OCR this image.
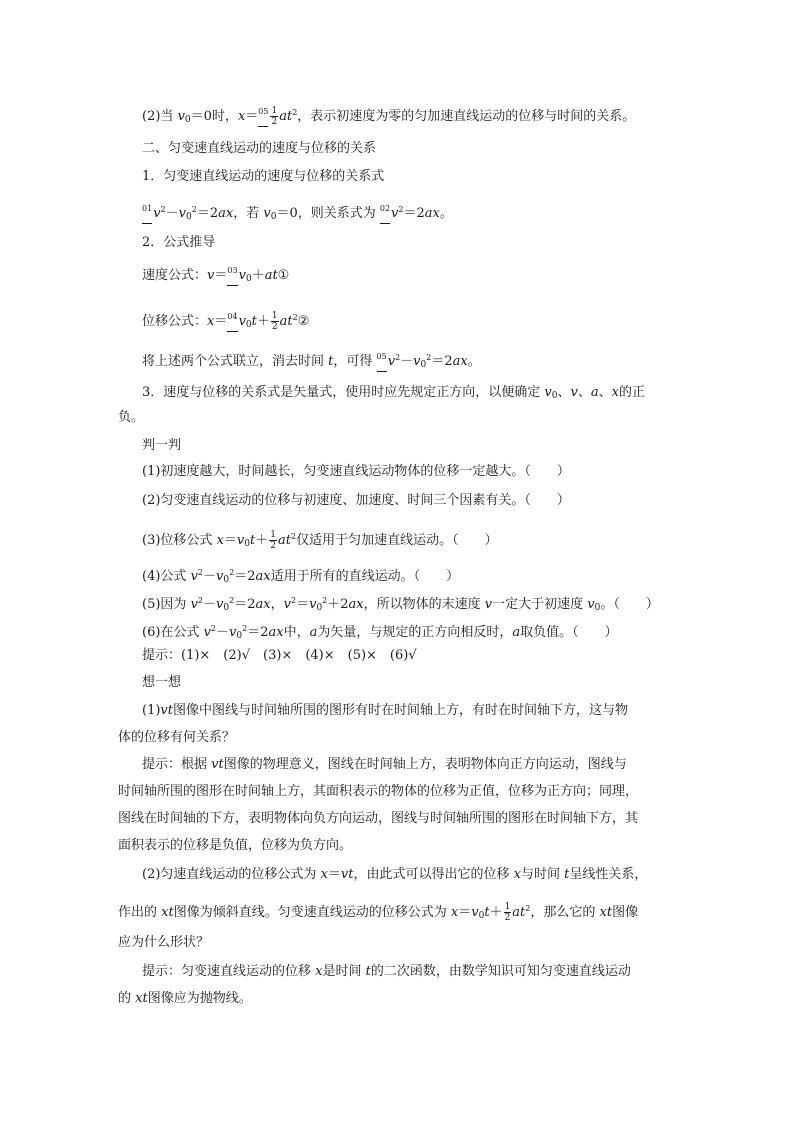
(2)当 $v_0=0$时，$x=05 \frac{1}{2} at^2$，表示初速度为零的匀加速直线运动的位移与时间的关系。
二、匀变速直线运动的速度与位移的关系
1．匀变速直线运动的速度与位移的关系式
$01v^2-v_0^2=2ax$，若 $v_0=0$，则关系式为 $02v^2=2ax$。
2．公式推导
速度公式：$v=03v_0+at①$
位移公式：$x=04v_0t+ \frac{1}{2}$ $at^2②$
将上述两个公式联立，消去时间 t，可得 $05v^2-v_0^2=2ax$。
3．速度与位移的关系式是矢量式，使用时应先规定正方向，以便确定 $v_0$、v、a、x的正
负。
判一判
(1)初速度越大，时间越长，匀变速直线运动物体的位移一定越大。（　　）
(2)匀变速直线运动的位移与初速度、加速度、时间三个因素有关。（　　）
(3)位移公式 $x=v_0t+ \frac{1}{2} at^2$仅适用于匀加速直线运动。（　　）
(4)公式 $v^2-v_0^2=2ax$适用于所有的直线运动。（　　）
(5)因为 $v^2-v_0^2=2ax$，$v^2=v_0^2+2ax$，所以物体的末速度 v一定大于初速度 $v_0$。（　　）
(6)在公式 $v^2-v_0^2=2ax$中，a为矢量，与规定的正方向相反时，a取负值。（　　）
提示：(1)×　(2)√　(3)×　(4)×　(5)×　(6)√
想一想
(1)vt图像中图线与时间轴所围的图形有时在时间轴上方，有时在时间轴下方，这与物
体的位移有何关系？
提示：根据 vt图像的物理意义，图线在时间轴上方，表明物体向正方向运动，图线与
时间轴所围的图形在时间轴上方，其面积表示的物体的位移为正值，位移为正方向；同理，
图线在时间轴的下方，表明物体向负方向运动，图线与时间轴所围的图形在时间轴下方，其
面积表示的位移是负值，位移为负方向。
(2)匀速直线运动的位移公式为 x＝vt，由此式可以得出它的位移 x与时间 t呈线性关系，
作出的 xt图像为倾斜直线。匀变速直线运动的位移公式为 $x=v_0t+ \frac{1}{2} at^2$，那么它的 xt图像
应为什么形状？
提示：匀变速直线运动的位移 x是时间 t的二次函数，由数学知识可知匀变速直线运动
的 xt图像应为抛物线。
